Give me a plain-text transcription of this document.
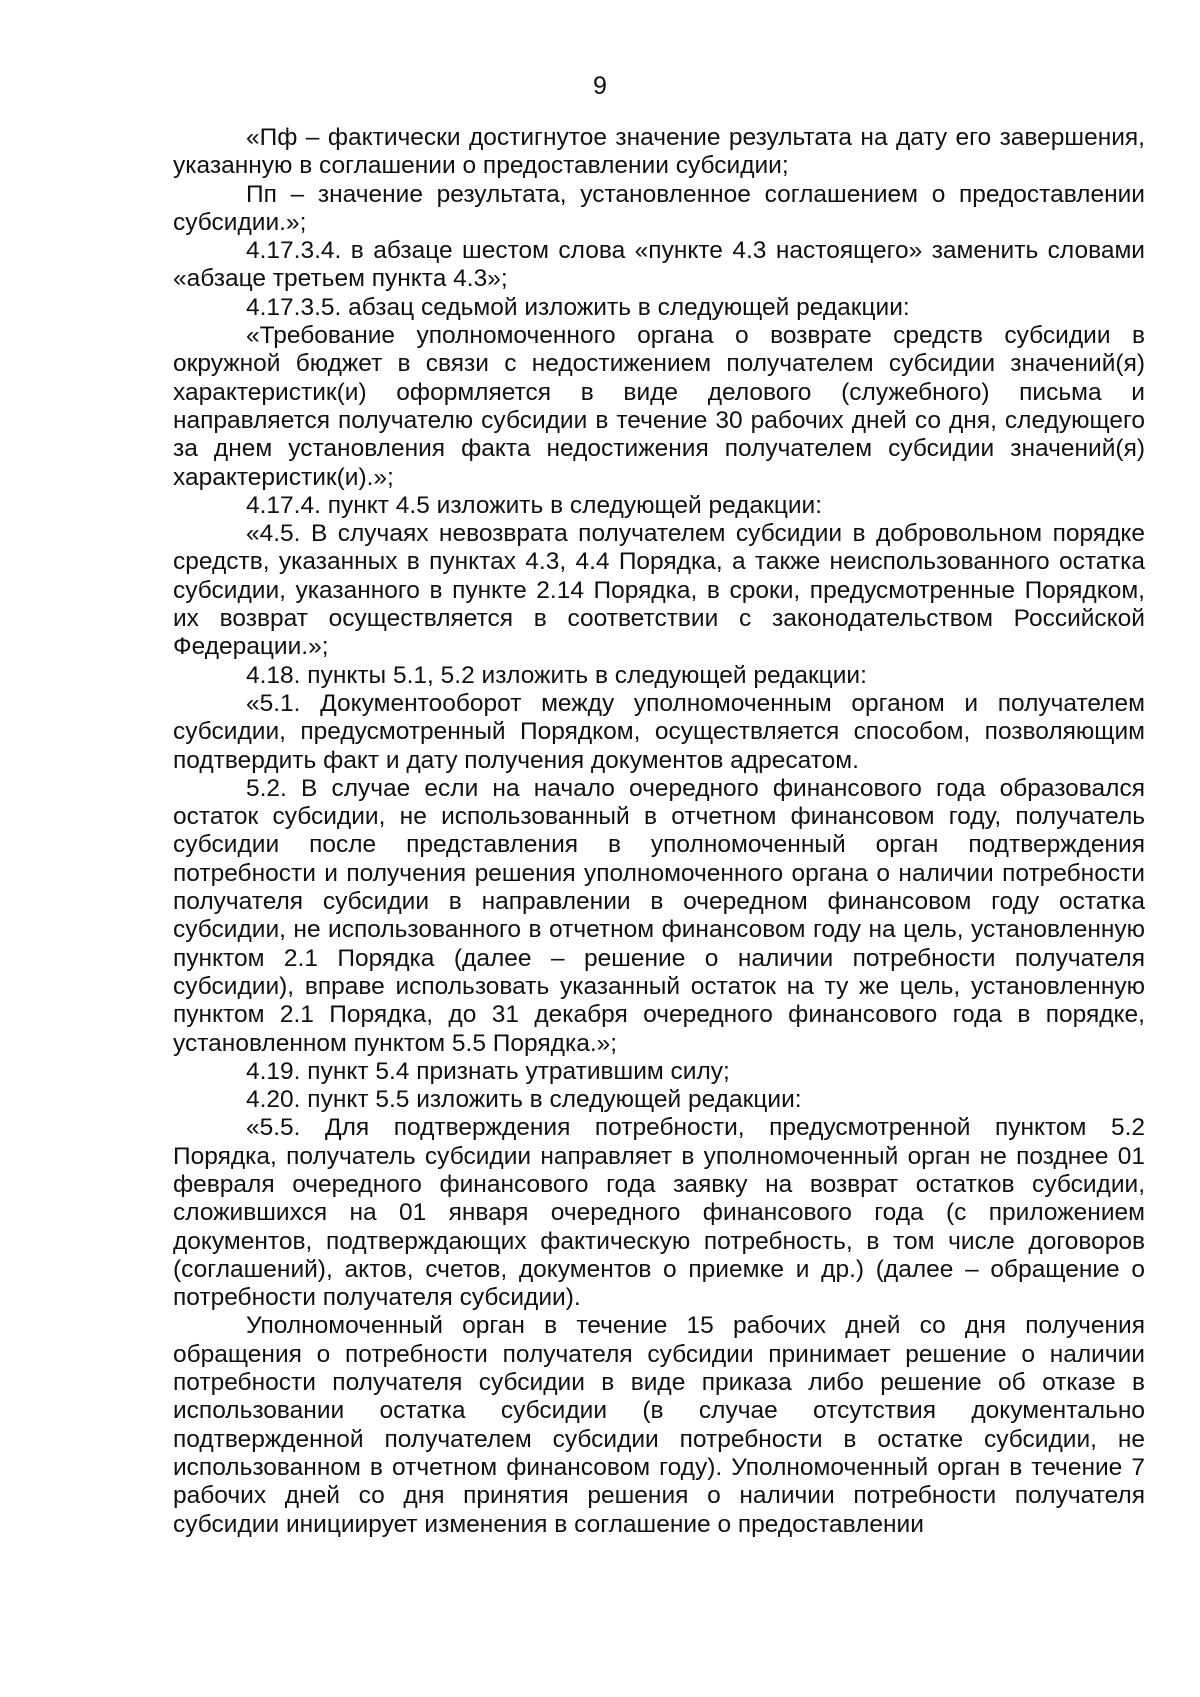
9

«Пф – фактически достигнутое значение результата на дату его завершения, указанную в соглашении о предоставлении субсидии;

Пп – значение результата, установленное соглашением о предоставлении субсидии.»;

4.17.3.4. в абзаце шестом слова «пункте 4.3 настоящего» заменить словами «абзаце третьем пункта 4.3»;

4.17.3.5. абзац седьмой изложить в следующей редакции:

«Требование уполномоченного органа о возврате средств субсидии в окружной бюджет в связи с недостижением получателем субсидии значений(я) характеристик(и) оформляется в виде делового (служебного) письма и направляется получателю субсидии в течение 30 рабочих дней со дня, следующего за днем установления факта недостижения получателем субсидии значений(я) характеристик(и).»;

4.17.4. пункт 4.5 изложить в следующей редакции:

«4.5. В случаях невозврата получателем субсидии в добровольном порядке средств, указанных в пунктах 4.3, 4.4 Порядка, а также неиспользованного остатка субсидии, указанного в пункте 2.14 Порядка, в сроки, предусмотренные Порядком, их возврат осуществляется в соответствии с законодательством Российской Федерации.»;

4.18. пункты 5.1, 5.2 изложить в следующей редакции:

«5.1. Документооборот между уполномоченным органом и получателем субсидии, предусмотренный Порядком, осуществляется способом, позволяющим подтвердить факт и дату получения документов адресатом.

5.2. В случае если на начало очередного финансового года образовался остаток субсидии, не использованный в отчетном финансовом году, получатель субсидии после представления в уполномоченный орган подтверждения потребности и получения решения уполномоченного органа о наличии потребности получателя субсидии в направлении в очередном финансовом году остатка субсидии, не использованного в отчетном финансовом году на цель, установленную пунктом 2.1 Порядка (далее – решение о наличии потребности получателя субсидии), вправе использовать указанный остаток на ту же цель, установленную пунктом 2.1 Порядка, до 31 декабря очередного финансового года в порядке, установленном пунктом 5.5 Порядка.»;

4.19. пункт 5.4 признать утратившим силу;

4.20. пункт 5.5 изложить в следующей редакции:

«5.5. Для подтверждения потребности, предусмотренной пунктом 5.2 Порядка, получатель субсидии направляет в уполномоченный орган не позднее 01 февраля очередного финансового года заявку на возврат остатков субсидии, сложившихся на 01 января очередного финансового года (с приложением документов, подтверждающих фактическую потребность, в том числе договоров (соглашений), актов, счетов, документов о приемке и др.) (далее – обращение о потребности получателя субсидии).

Уполномоченный орган в течение 15 рабочих дней со дня получения обращения о потребности получателя субсидии принимает решение о наличии потребности получателя субсидии в виде приказа либо решение об отказе в использовании остатка субсидии (в случае отсутствия документально подтвержденной получателем субсидии потребности в остатке субсидии, не использованном в отчетном финансовом году). Уполномоченный орган в течение 7 рабочих дней со дня принятия решения о наличии потребности получателя субсидии инициирует изменения в соглашение о предоставлении
